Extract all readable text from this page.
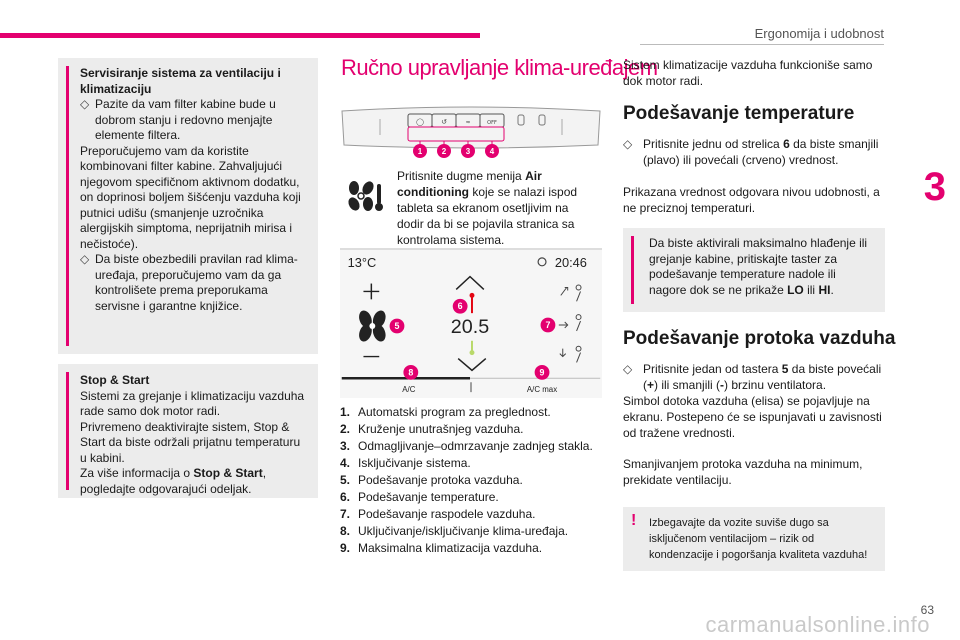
Ergonomija i udobnost
3
Servisiranje sistema za ventilaciju i klimatizaciju
◇ Pazite da vam filter kabine bude u dobrom stanju i redovno menjajte elemente filtera.

Preporučujemo vam da koristite kombinovani filter kabine. Zahvaljujući njegovom specifičnom aktivnom dodatku, on doprinosi boljem šišćenju vazduha koji putnici udišu (smanjenje uzročnika alergijskih simptoma, neprijatnih mirisa i nečistoće).

◇ Da biste obezbedili pravilan rad klima-uređaja, preporučujemo vam da ga kontrolišete prema preporukama servisne i garantne knjižice.
Stop & Start

Sistemi za grejanje i klimatizaciju vazduha rade samo dok motor radi.

Privremeno deaktivirajte sistem, Stop & Start da biste održali prijatnu temperaturu u kabini.

Za više informacija o Stop & Start, pogledajte odgovarajući odeljak.

Ručno upravljanje klima-uređajem
◯ ↺	≈	OFF
1 2 3 4
Pritisnite dugme menija Air conditioning koje se nalazi ispod tableta sa ekranom osetljivim na dodir da bi se pojavila stranica sa kontrolama sistema.
13°C	20:46
20.5
A/C	A/C max
5
6
7
8	9
1. Automatski program za preglednost.
2. Kruženje unutrašnjeg vazduha.
3. Odmagljivanje–odmrzavanje zadnjeg stakla.
4. Isključivanje sistema.
5. Podešavanje protoka vazduha.
6. Podešavanje temperature.
7. Podešavanje raspodele vazduha.
8. Uključivanje/isključivanje klima-uređaja.
9. Maksimalna klimatizacija vazduha.
Sistem klimatizacije vazduha funkcioniše samo dok motor radi.
Podešavanje temperature
◇ Pritisnite jednu od strelica 6 da biste smanjili (plavo) ili povećali (crveno) vrednost.
Prikazana vrednost odgovara nivou udobnosti, a ne preciznoj temperaturi.
Da biste aktivirali maksimalno hlađenje ili grejanje kabine, pritiskajte taster za podešavanje temperature nadole ili nagore dok se ne prikaže LO ili HI.
Podešavanje protoka vazduha
◇ Pritisnite jedan od tastera 5 da biste povećali (+) ili smanjili (-) brzinu ventilatora.
Simbol dotoka vazduha (elisa) se pojavljuje na ekranu. Postepeno će se ispunjavati u zavisnosti od tražene vrednosti.
Smanjivanjem protoka vazduha na minimum, prekidate ventilaciju.
! Izbegavajte da vozite suviše dugo sa isključenom ventilacijom – rizik od kondenzacije i pogoršanja kvaliteta vazduha!
63
carmanualsonline.info
